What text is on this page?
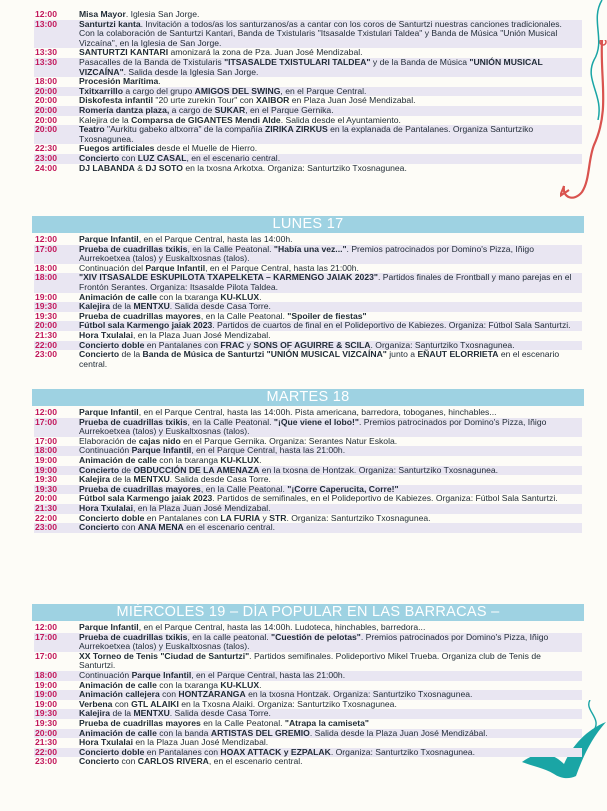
12:00	Misa Mayor. Iglesia San Jorge.
13:00	Santurtzi kanta. Invitación a todos/as los santurzanos/as a cantar con los coros de Santurtzi nuestras canciones tradicionales. Con la colaboración de Santurtzi Kantari, Banda de Txistularis "Itsasalde Txistulari Taldea" y Banda de Música "Unión Musical Vizcaína", en la Iglesia de San Jorge.
13:30	SANTURTZI KANTARI amonizará la zona de Pza. Juan José Mendizabal.
13:30	Pasacalles de la Banda de Txistularis "ITSASALDE TXISTULARI TALDEA" y de la Banda de Música "UNIÓN MUSICAL VIZCAÍNA". Salida desde la Iglesia San Jorge.
18:00	Procesión Marítima.
20:00	Txitxarrillo a cargo del grupo AMIGOS DEL SWING, en el Parque Central.
20:00	Diskofesta infantil "20 urte zurekin Tour" con XAIBOR en Plaza Juan José Mendizabal.
20:00	Romería dantza plaza, a cargo de SUKAR, en el Parque Gernika.
20:00	Kalejira de la Comparsa de GIGANTES Mendi Alde. Salida desde el Ayuntamiento.
20:00	Teatro "Aurkitu gabeko altxorra" de la compañía ZIRIKA ZIRKUS en la explanada de Pantalanes. Organiza Santurtziko Txosnagunea.
22:30	Fuegos artificiales desde el Muelle de Hierro.
23:00	Concierto con LUZ CASAL, en el escenario central.
24:00	DJ LABANDA & DJ SOTO en la txosna Arkotxa. Organiza: Santurtziko Txosnagunea.
LUNES 17
12:00	Parque Infantil, en el Parque Central, hasta las 14:00h.
17:00	Prueba de cuadrillas txikis, en la Calle Peatonal. "Había una vez...". Premios patrocinados por Domino's Pizza, Iñigo Aurrekoetxea (talos) y Euskaltxosnas (talos).
18:00	Continuación del Parque Infantil, en el Parque Central, hasta las 21:00h.
18:00	"XIV ITSASALDE ESKUPILOTA TXAPELKETA – KARMENGO JAIAK 2023". Partidos finales de Frontball y mano parejas en el Frontón Serantes. Organiza: Itsasalde Pilota Taldea.
19:00	Animación de calle con la txaranga KU-KLUX.
19:30	Kalejira de la MENTXU. Salida desde Casa Torre.
19:30	Prueba de cuadrillas mayores, en la Calle Peatonal. "Spoiler de fiestas"
20:00	Fútbol sala Karmengo jaiak 2023. Partidos de cuartos de final en el Polideportivo de Kabiezes. Organiza: Fútbol Sala Santurtzi.
21:30	Hora Txulalai, en la Plaza Juan José Mendizabal.
22:00	Concierto doble en Pantalanes con FRAC y SONS OF AGUIRRE & SCILA. Organiza: Santurtziko Txosnagunea.
23:00	Concierto de la Banda de Música de Santurtzi "UNIÓN MUSICAL VIZCAÍNA" junto a EÑAUT ELORRIETA en el escenario central.
MARTES 18
12:00	Parque Infantil, en el Parque Central, hasta las 14:00h. Pista americana, barredora, toboganes, hinchables...
17:00	Prueba de cuadrillas txikis, en la Calle Peatonal. "¡Que viene el lobo!". Premios patrocinados por Domino's Pizza, Iñigo Aurrekoetxea (talos) y Euskaltxosnas (talos).
17:00	Elaboración de cajas nido en el Parque Gernika. Organiza: Serantes Natur Eskola.
18:00	Continuación Parque Infantil, en el Parque Central, hasta las 21:00h.
19:00	Animación de calle con la txaranga KU-KLUX.
19:00	Concierto de OBDUCCIÓN DE LA AMENAZA en la txosna de Hontzak. Organiza: Santurtziko Txosnagunea.
19:30	Kalejira de la MENTXU. Salida desde Casa Torre.
19:30	Prueba de cuadrillas mayores, en la Calle Peatonal. "¡Corre Caperucita, Corre!"
20:00	Fútbol sala Karmengo jaiak 2023. Partidos de semifinales, en el Polideportivo de Kabiezes. Organiza: Fútbol Sala Santurtzi.
21:30	Hora Txulalai, en la Plaza Juan José Mendizabal.
22:00	Concierto doble en Pantalanes con LA FURIA y STR. Organiza: Santurtziko Txosnagunea.
23:00	Concierto con ANA MENA en el escenario central.
MIÉRCOLES 19 – DÍA POPULAR EN LAS BARRACAS –
12:00	Parque Infantil, en el Parque Central, hasta las 14:00h. Ludoteca, hinchables, barredora...
17:00	Prueba de cuadrillas txikis, en la calle peatonal. "Cuestión de pelotas". Premios patrocinados por Domino's Pizza, Iñigo Aurrekoetxea (talos) y Euskaltxosnas (talos).
17:00	XX Torneo de Tenis "Ciudad de Santurtzi". Partidos semifinales. Polideportivo Mikel Trueba. Organiza club de Tenis de Santurtzi.
18:00	Continuación Parque Infantil, en el Parque Central, hasta las 21:00h.
19:00	Animación de calle con la txaranga KU-KLUX.
19:00	Animación callejera con HONTZARANGA en la txosna Hontzak. Organiza: Santurtziko Txosnagunea.
19:00	Verbena con GTL ALAIKI en la Txosna Alaiki. Organiza: Santurtziko Txosnagunea.
19:30	Kalejira de la MENTXU. Salida desde Casa Torre.
19:30	Prueba de cuadrillas mayores en la Calle Peatonal. "Atrapa la camiseta"
20:00	Animación de calle con la banda ARTISTAS DEL GREMIO. Salida desde la Plaza Juan José Mendizábal.
21:30	Hora Txulalai en la Plaza Juan José Mendizabal.
22:00	Concierto doble en Pantalanes con HOAX ATTACK y EZPALAK. Organiza: Santurtziko Txosnagunea.
23:00	Concierto con CARLOS RIVERA, en el escenario central.
